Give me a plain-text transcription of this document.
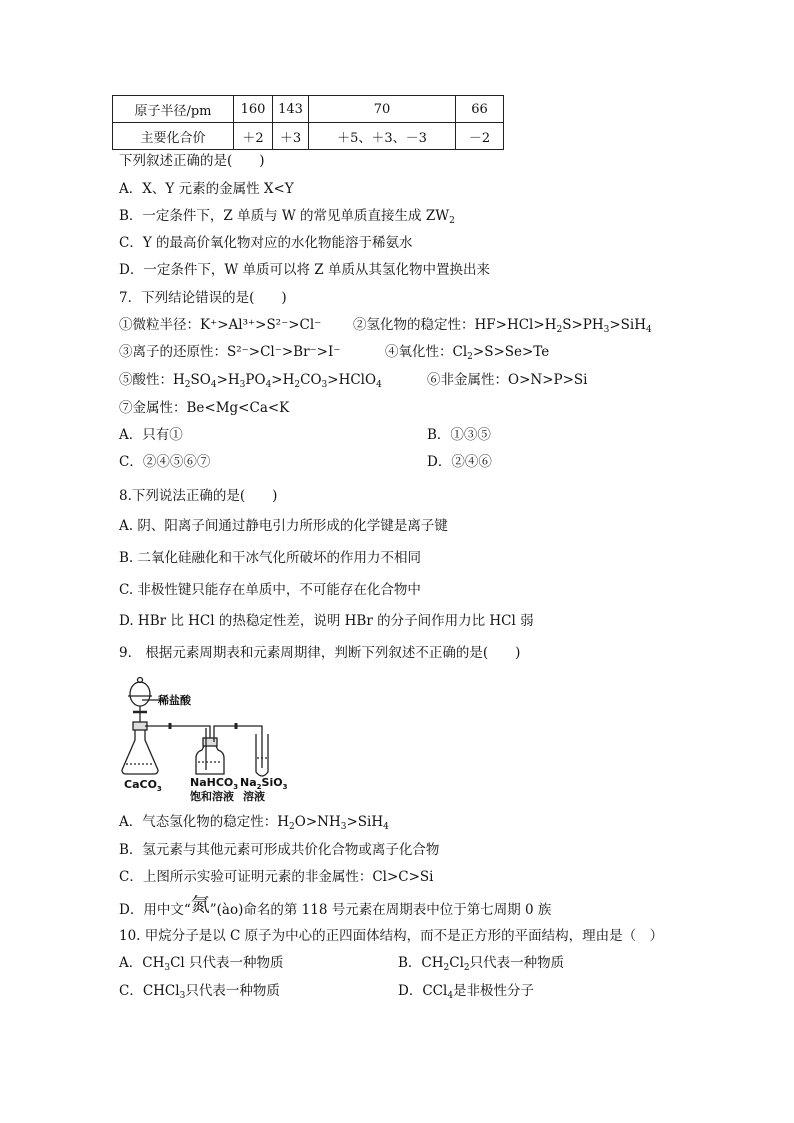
原子半径/pm	160	143	70	66
主要化合价	＋2	＋3	＋5、＋3、－3	－2
下列叙述正确的是(　　)
A．X、Y 元素的金属性 X<Y
B．一定条件下，Z 单质与 W 的常见单质直接生成 $ZW_2$
C．Y 的最高价氧化物对应的水化物能溶于稀氨水
D．一定条件下，W 单质可以将 Z 单质从其氢化物中置换出来
7．下列结论错误的是(　　)
①微粒半径：K⁺>Al³⁺>S²⁻>Cl⁻ ②氢化物的稳定性：$HF>HCl>H_2S>PH_3>SiH_4$
③离子的还原性：S²⁻>Cl⁻>Br⁻>I⁻	④氧化性：$Cl_2>S>Se>Te$
⑤酸性：$H_2SO_4>H_3PO_4>H_2CO_3>HClO_4$	⑥非金属性：O>N>P>Si
⑦金属性：Be<Mg<Ca<K
A．只有①	B．①③⑤
C．②④⑤⑥⑦	D．②④⑥
8.下列说法正确的是(　　)
A. 阴、阳离子间通过静电引力所形成的化学键是离子键
B. 二氧化硅融化和干冰气化所破坏的作用力不相同
C. 非极性键只能存在单质中，不可能存在化合物中
D. HBr 比 HCl 的热稳定性差，说明 HBr 的分子间作用力比 HCl 弱
9． 根据元素周期表和元素周期律，判断下列叙述不正确的是(　　)
稀盐酸
CaCO$_3$	NaHCO$_3$ $Na_2SiO_3$
饱和溶液 溶液
A．气态氢化物的稳定性：$H_2O>NH_3>SiH_4$
B．氢元素与其他元素可形成共价化合物或离子化合物
C．上图所示实验可证明元素的非金属性：Cl>C>Si
D．用中文“氮”(ào)命名的第 118 号元素在周期表中位于第七周期 0 族
10. 甲烷分子是以 C 原子为中心的正四面体结构，而不是正方形的平面结构，理由是（　）
A．$CH_3Cl$ 只代表一种物质	B．$CH_2Cl_2$只代表一种物质
C．CHCl$_3$只代表一种物质	D．CCl$_4$是非极性分子
